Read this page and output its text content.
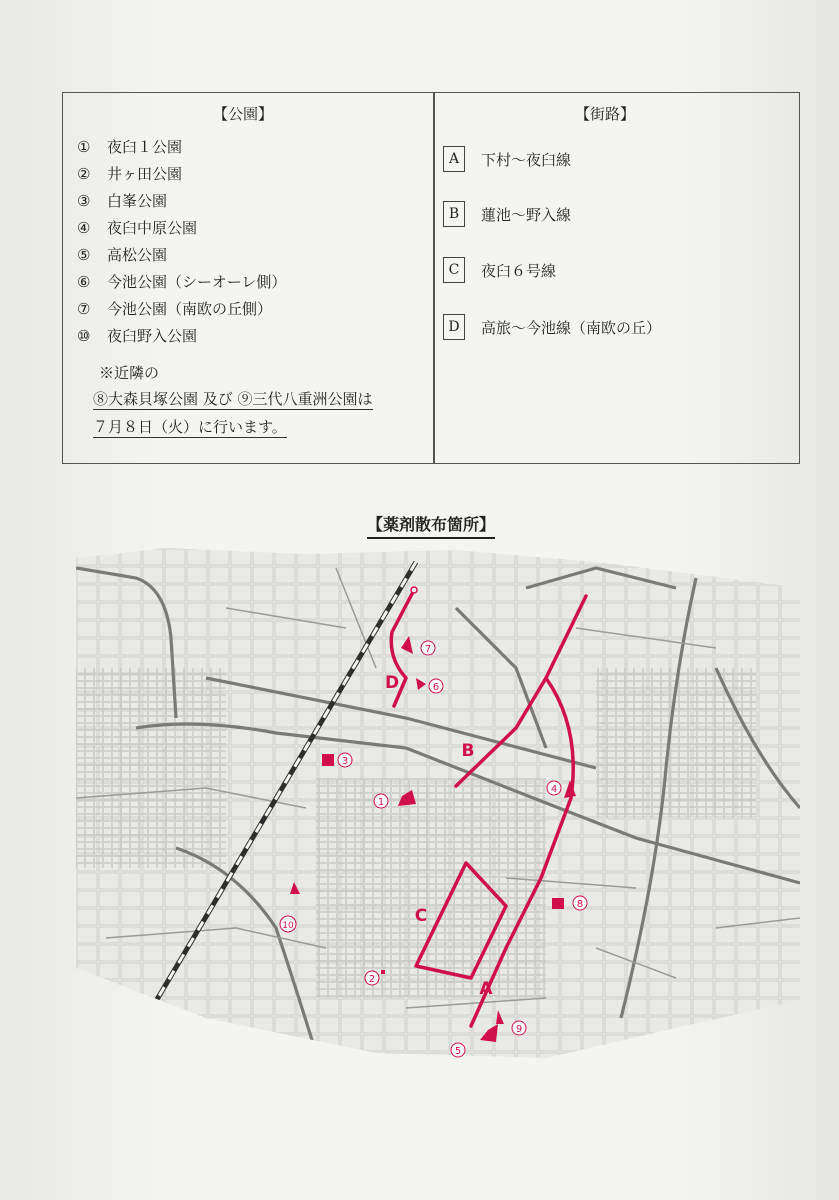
【公園】	【街路】
①	夜臼１公園
②	井ヶ田公園
③	白峯公園
④	夜臼中原公園
⑤	高松公園
⑥	今池公園（シーオーレ側）
⑦	今池公園（南欧の丘側）
⑩	夜臼野入公園
※近隣の
⑧大森貝塚公園 及び ⑨三代八重洲公園は
７月８日（火）に行います。
A	下村～夜臼線
B	蓮池～野入線
C	夜臼６号線
D	高旅～今池線（南欧の丘）
【薬剤散布箇所】
1
2
3
4
5
6
7
8
9
10
A
B
C
D
